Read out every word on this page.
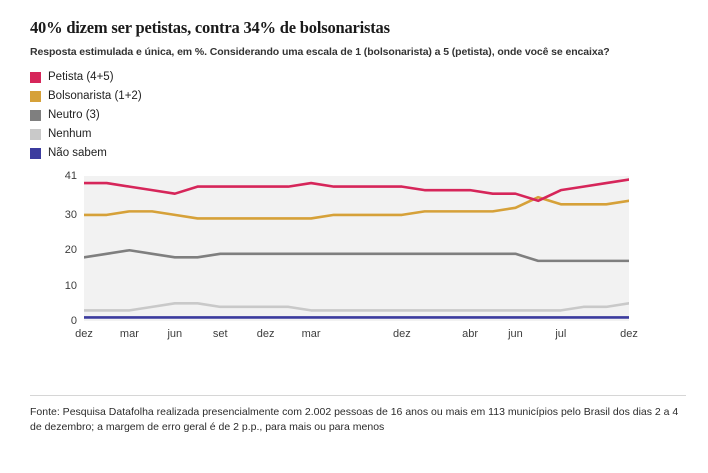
40% dizem ser petistas, contra 34% de bolsonaristas
Resposta estimulada e única, em %. Considerando uma escala de 1 (bolsonarista) a 5 (petista), onde você se encaixa?
Petista (4+5)
Bolsonarista (1+2)
Neutro (3)
Nenhum
Não sabem
0
10
20
30
41
dez mar	jun	set	dez mar	dez	abr	jun	jul	dez
Fonte: Pesquisa Datafolha realizada presencialmente com 2.002 pessoas de 16 anos ou mais em 113 municípios pelo Brasil dos dias 2 a 4 de dezembro; a margem de erro geral é de 2 p.p., para mais ou para menos
